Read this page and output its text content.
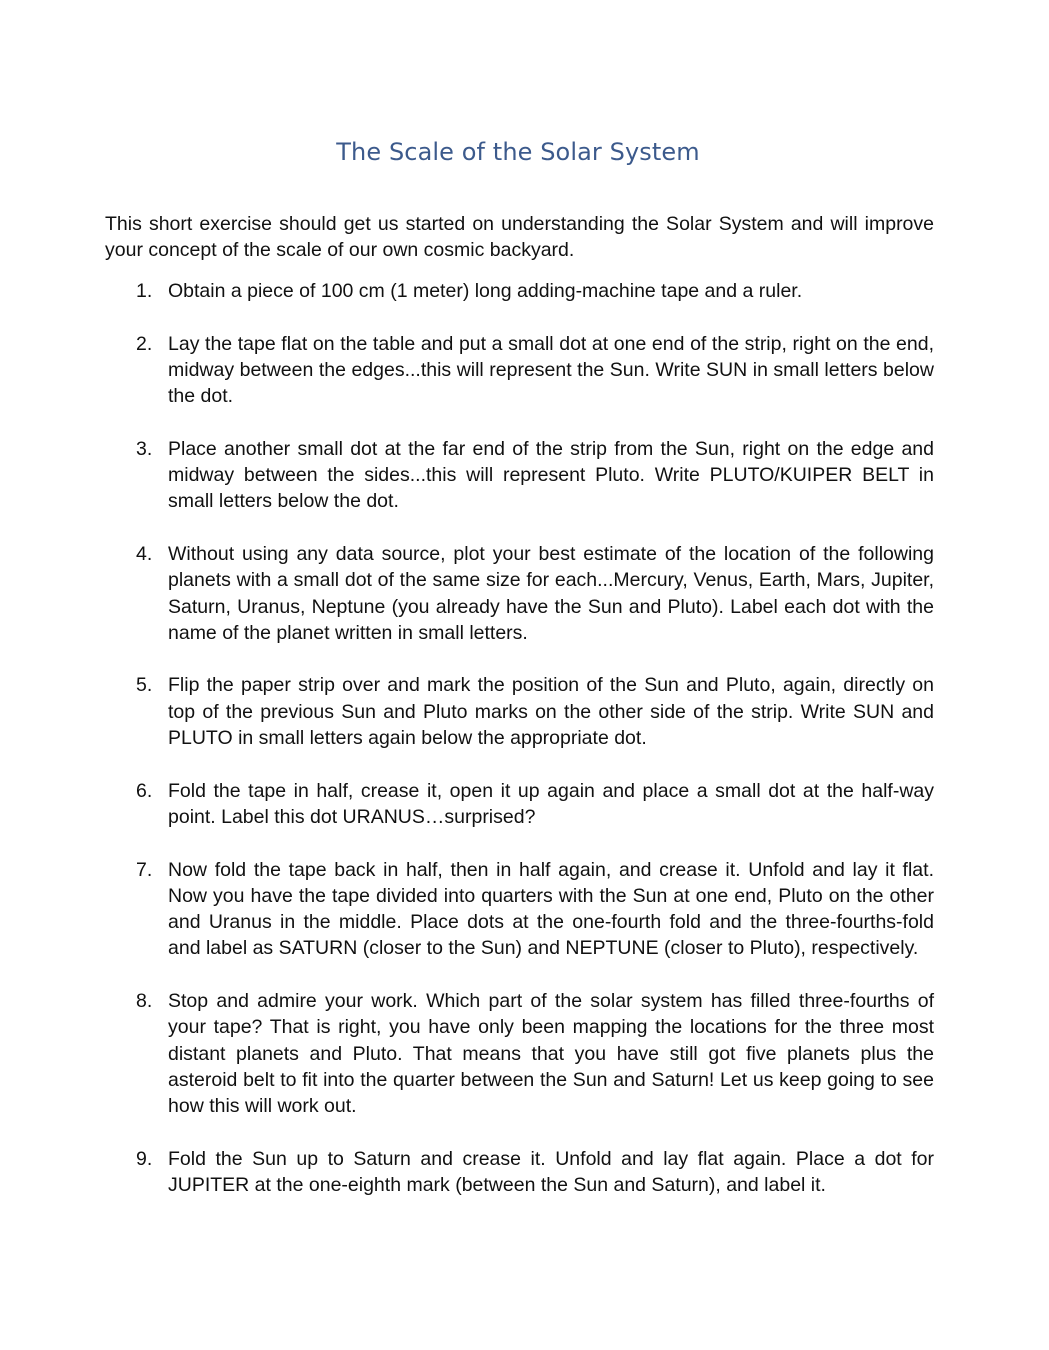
The Scale of the Solar System

This short exercise should get us started on understanding the Solar System and will improve your concept of the scale of our own cosmic backyard.

1. Obtain a piece of 100 cm (1 meter) long adding-machine tape and a ruler.
2. Lay the tape flat on the table and put a small dot at one end of the strip, right on the end, midway between the edges...this will represent the Sun. Write SUN in small letters below the dot.
3. Place another small dot at the far end of the strip from the Sun, right on the edge and midway between the sides...this will represent Pluto. Write PLUTO/KUIPER BELT in small letters below the dot.
4. Without using any data source, plot your best estimate of the location of the following planets with a small dot of the same size for each...Mercury, Venus, Earth, Mars, Jupiter, Saturn, Uranus, Neptune (you already have the Sun and Pluto). Label each dot with the name of the planet written in small letters.
5. Flip the paper strip over and mark the position of the Sun and Pluto, again, directly on top of the previous Sun and Pluto marks on the other side of the strip. Write SUN and PLUTO in small letters again below the appropriate dot.
6. Fold the tape in half, crease it, open it up again and place a small dot at the half-way point. Label this dot URANUS…surprised?
7. Now fold the tape back in half, then in half again, and crease it. Unfold and lay it flat. Now you have the tape divided into quarters with the Sun at one end, Pluto on the other and Uranus in the middle. Place dots at the one-fourth fold and the three-fourths-fold and label as SATURN (closer to the Sun) and NEPTUNE (closer to Pluto), respectively.
8. Stop and admire your work. Which part of the solar system has filled three-fourths of your tape? That is right, you have only been mapping the locations for the three most distant planets and Pluto. That means that you have still got five planets plus the asteroid belt to fit into the quarter between the Sun and Saturn! Let us keep going to see how this will work out.
9. Fold the Sun up to Saturn and crease it. Unfold and lay flat again. Place a dot for JUPITER at the one-eighth mark (between the Sun and Saturn), and label it.
